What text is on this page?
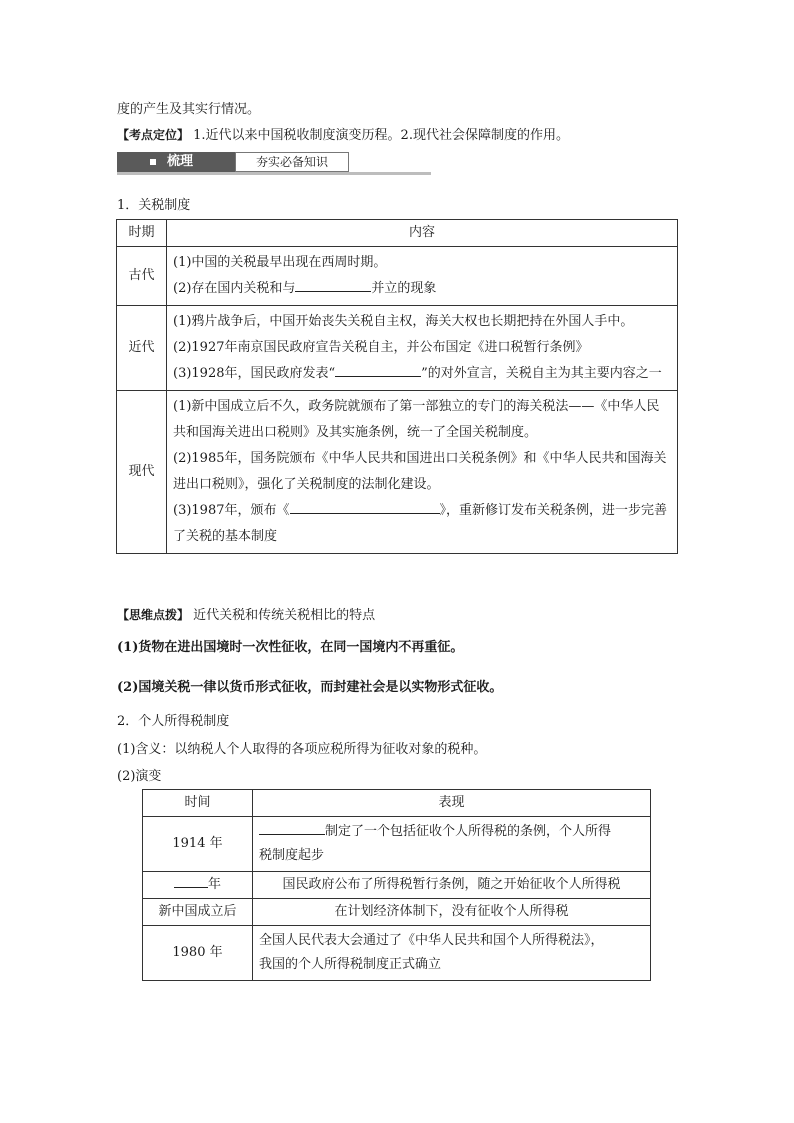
度的产生及其实行情况。
【考点定位】 1.近代以来中国税收制度演变历程。2.现代社会保障制度的作用。
梳理	夯实必备知识
1．关税制度
时期	内容
古代	(1)中国的关税最早出现在西周时期。
(2)存在国内关税和与 并立的现象

近代	(1)鸦片战争后，中国开始丧失关税自主权，海关大权也长期把持在外国人手中。
(2)1927年南京国民政府宣告关税自主，并公布国定《进口税暂行条例》
(3)1928年，国民政府发表“ ”的对外宣言，关税自主为其主要内容之一

现代	(1)新中国成立后不久，政务院就颁布了第一部独立的专门的海关税法——《中华人民共和国海关进出口税则》及其实施条例，统一了全国关税制度。
(2)1985年，国务院颁布《中华人民共和国进出口关税条例》和《中华人民共和国海关进出口税则》，强化了关税制度的法制化建设。
(3)1987年，颁布《 》，重新修订发布关税条例，进一步完善了关税的基本制度
【思维点拨】 近代关税和传统关税相比的特点
(1)货物在进出国境时一次性征收，在同一国境内不再重征。
(2)国境关税一律以货币形式征收，而封建社会是以实物形式征收。
2．个人所得税制度
(1)含义：以纳税人个人取得的各项应税所得为征收对象的税种。
(2)演变
时间	表现
1914 年	制定了一个包括征收个人所得税的条例，个人所得
税制度起步

年	国民政府公布了所得税暂行条例，随之开始征收个人所得税
新中国成立后	在计划经济体制下，没有征收个人所得税
1980 年	全国人民代表大会通过了《中华人民共和国个人所得税法》，
我国的个人所得税制度正式确立
